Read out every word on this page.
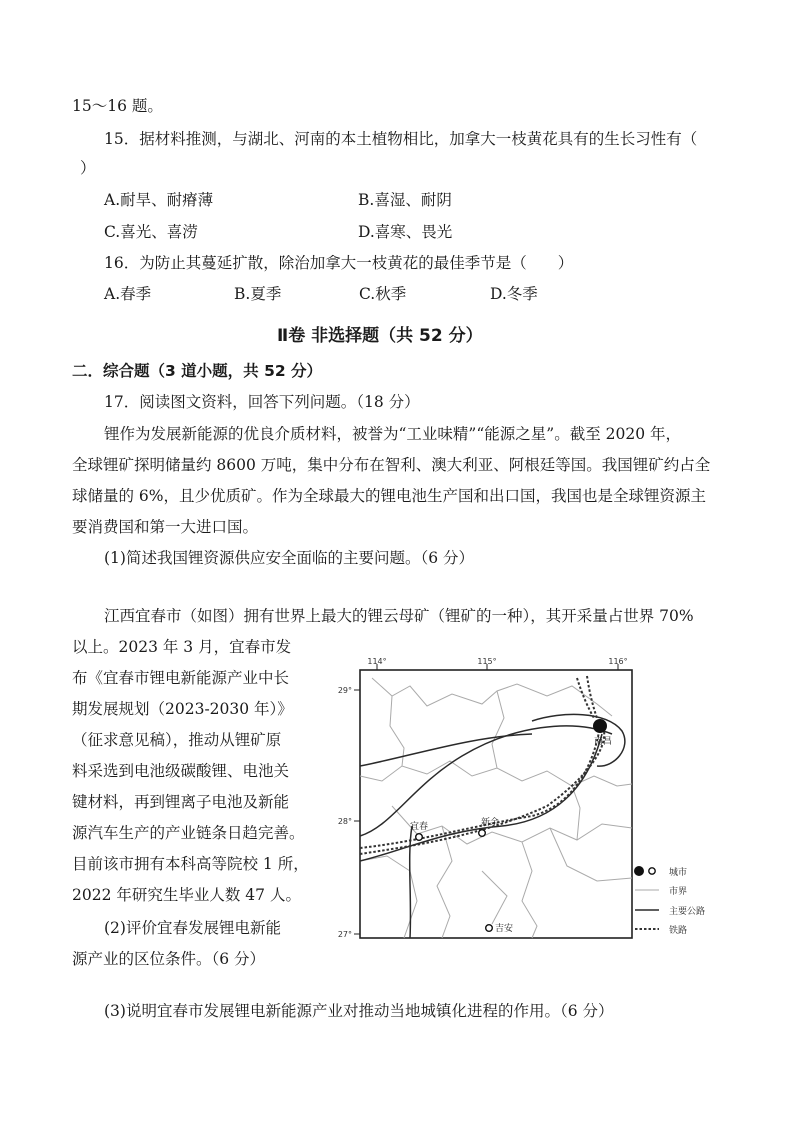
15～16 题。
15．据材料推测，与湖北、河南的本土植物相比，加拿大一枝黄花具有的生长习性有（
）
A.耐旱、耐瘠薄	B.喜湿、耐阴
C.喜光、喜涝	D.喜寒、畏光
16．为防止其蔓延扩散，除治加拿大一枝黄花的最佳季节是（　　）
A.春季	B.夏季	C.秋季	D.冬季
Ⅱ卷 非选择题（共 52 分）
二．综合题（3 道小题，共 52 分）
17．阅读图文资料，回答下列问题。（18 分）
锂作为发展新能源的优良介质材料，被誉为“工业味精”“能源之星”。截至 2020 年，
全球锂矿探明储量约 8600 万吨，集中分布在智利、澳大利亚、阿根廷等国。我国锂矿约占全
球储量的 6%，且少优质矿。作为全球最大的锂电池生产国和出口国，我国也是全球锂资源主
要消费国和第一大进口国。
(1)简述我国锂资源供应安全面临的主要问题。（6 分）
江西宜春市（如图）拥有世界上最大的锂云母矿（锂矿的一种），其开采量占世界 70%
以上。2023 年 3 月，宜春市发
布《宜春市锂电新能源产业中长
期发展规划（2023-2030 年）》
（征求意见稿），推动从锂矿原
料采选到电池级碳酸锂、电池关
键材料，再到锂离子电池及新能
源汽车生产的产业链条日趋完善。
目前该市拥有本科高等院校 1 所，
2022 年研究生毕业人数 47 人。
(2)评价宜春发展锂电新能
源产业的区位条件。（6 分）
(3)说明宜春市发展锂电新能源产业对推动当地城镇化进程的作用。（6 分）
114°	115°	116°
29°
28°
27°
南昌
宜春	新余
吉安
城市
市界
主要公路
铁路
